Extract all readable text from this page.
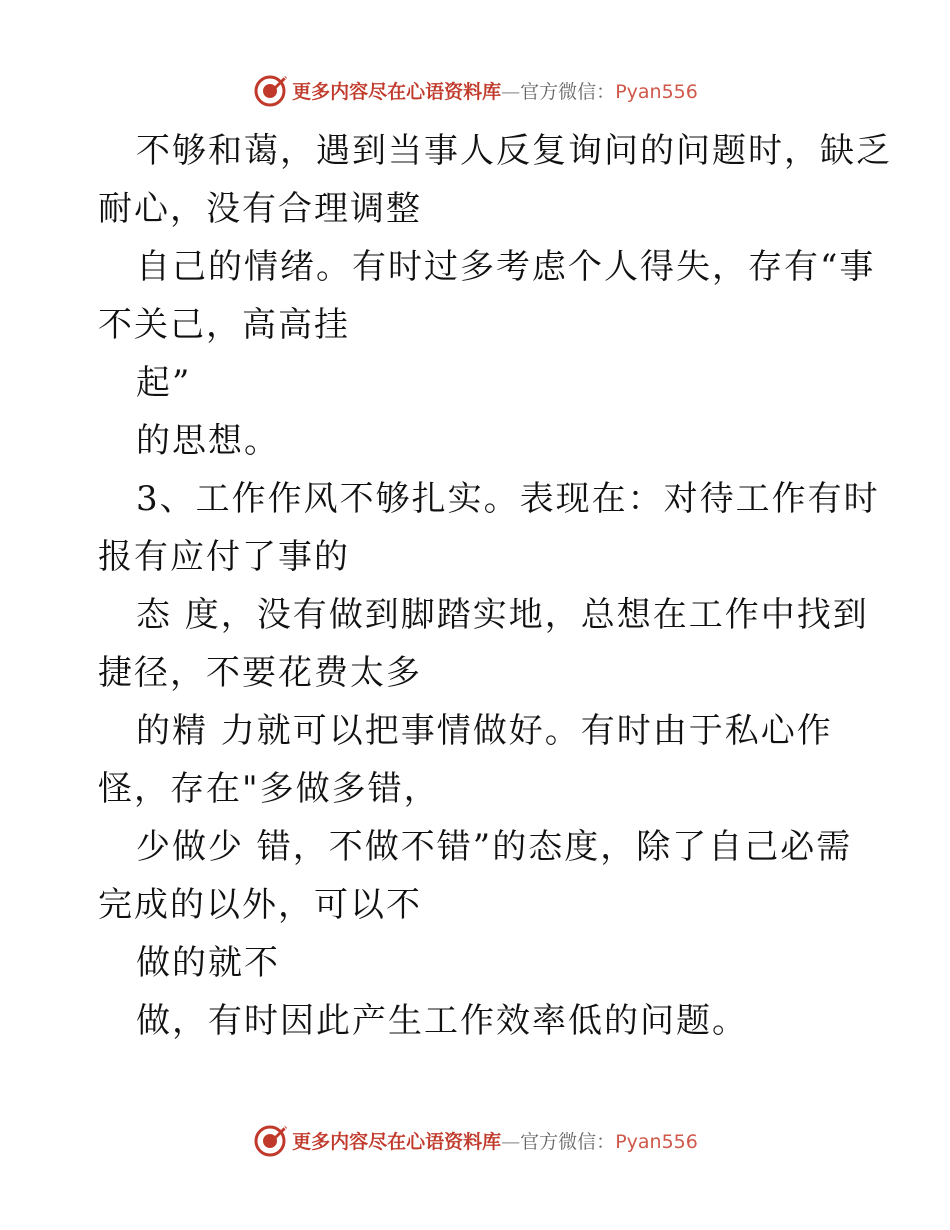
更多内容尽在心语资料库—官方微信：Pyan556
不够和蔼，遇到当事人反复询问的问题时，缺乏
耐心，没有合理调整
自己的情绪。有时过多考虑个人得失，存有“事
不关己，高高挂
起”
的思想。
3、工作作风不够扎实。表现在：对待工作有时
报有应付了事的
态 度，没有做到脚踏实地，总想在工作中找到
捷径，不要花费太多
的精 力就可以把事情做好。有时由于私心作
怪，存在"多做多错，
少做少 错，不做不错”的态度，除了自己必需
完成的以外，可以不
做的就不
做，有时因此产生工作效率低的问题。
更多内容尽在心语资料库—官方微信：Pyan556
